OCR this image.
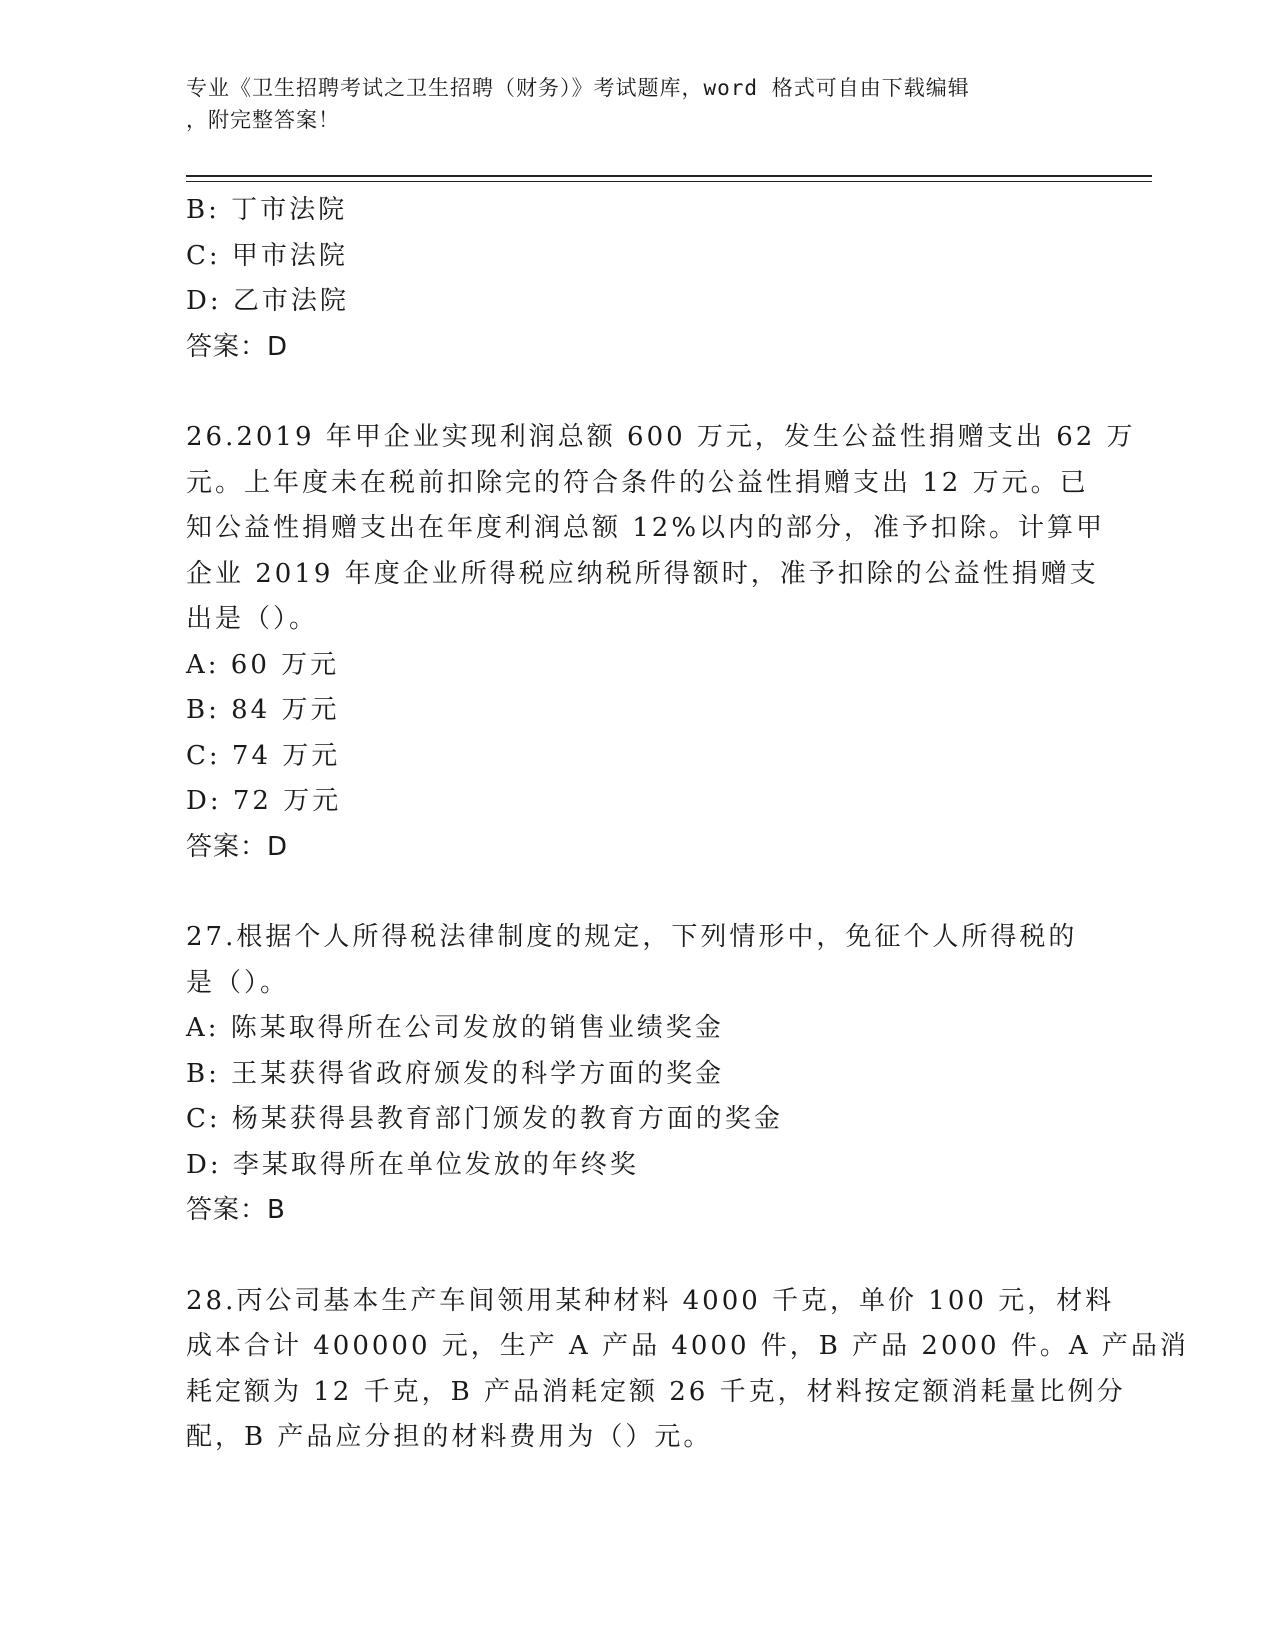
专业《卫生招聘考试之卫生招聘（财务）》考试题库，word 格式可自由下载编辑
，附完整答案！
B: 丁市法院
C: 甲市法院
D: 乙市法院
答案：D
26.2019 年甲企业实现利润总额 600 万元，发生公益性捐赠支出 62 万
元。上年度未在税前扣除完的符合条件的公益性捐赠支出 12 万元。已
知公益性捐赠支出在年度利润总额 12%以内的部分，准予扣除。计算甲
企业 2019 年度企业所得税应纳税所得额时，准予扣除的公益性捐赠支
出是（）。
A: 60 万元
B: 84 万元
C: 74 万元
D: 72 万元
答案：D
27.根据个人所得税法律制度的规定，下列情形中，免征个人所得税的
是（）。
A: 陈某取得所在公司发放的销售业绩奖金
B: 王某获得省政府颁发的科学方面的奖金
C: 杨某获得县教育部门颁发的教育方面的奖金
D: 李某取得所在单位发放的年终奖
答案：B
28.丙公司基本生产车间领用某种材料 4000 千克，单价 100 元，材料
成本合计 400000 元，生产 A 产品 4000 件，B 产品 2000 件。A 产品消
耗定额为 12 千克，B 产品消耗定额 26 千克，材料按定额消耗量比例分
配，B 产品应分担的材料费用为（）元。
